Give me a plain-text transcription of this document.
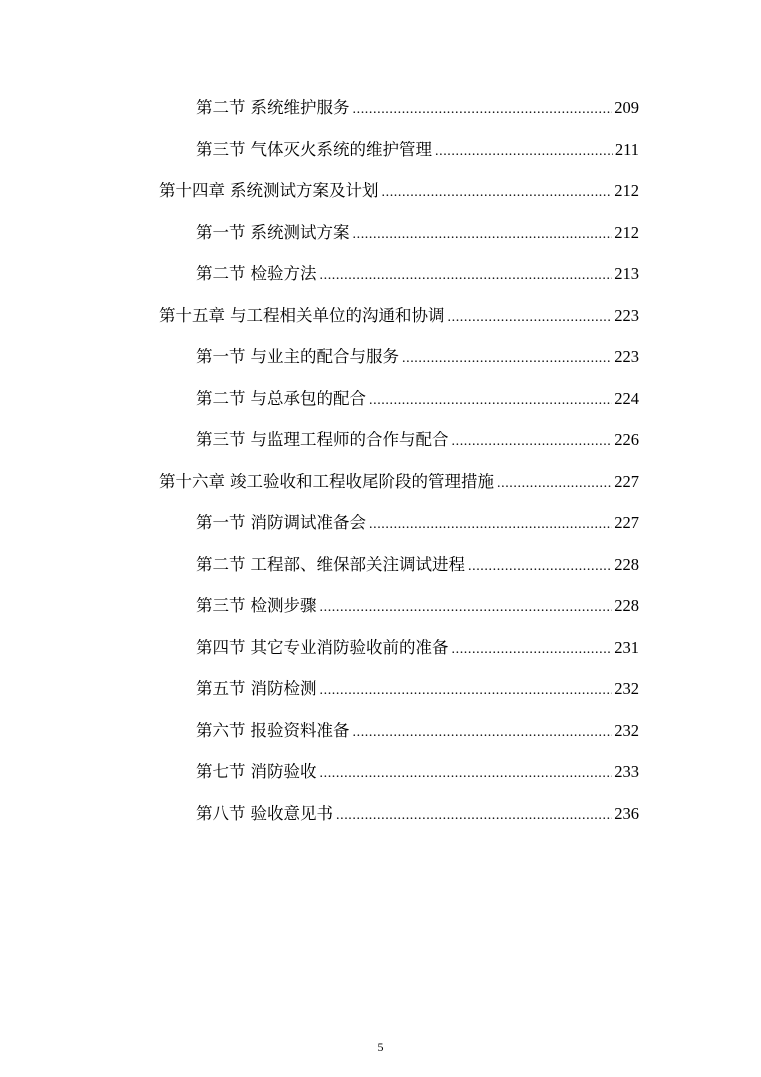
第二节 系统维护服务 .....	209
第三节 气体灭火系统的维护管理 .....	211
第十四章 系统测试方案及计划 .....	212
第一节 系统测试方案 .....	212
第二节 检验方法 .....	213
第十五章 与工程相关单位的沟通和协调 .....	223
第一节 与业主的配合与服务 .....	223
第二节 与总承包的配合 .....	224
第三节 与监理工程师的合作与配合 .....	226
第十六章 竣工验收和工程收尾阶段的管理措施 .....	227
第一节 消防调试准备会 .....	227
第二节 工程部、维保部关注调试进程 .....	228
第三节 检测步骤 .....	228
第四节 其它专业消防验收前的准备 .....	231
第五节 消防检测 .....	232
第六节 报验资料准备 .....	232
第七节 消防验收 .....	233
第八节 验收意见书 .....	236
5
